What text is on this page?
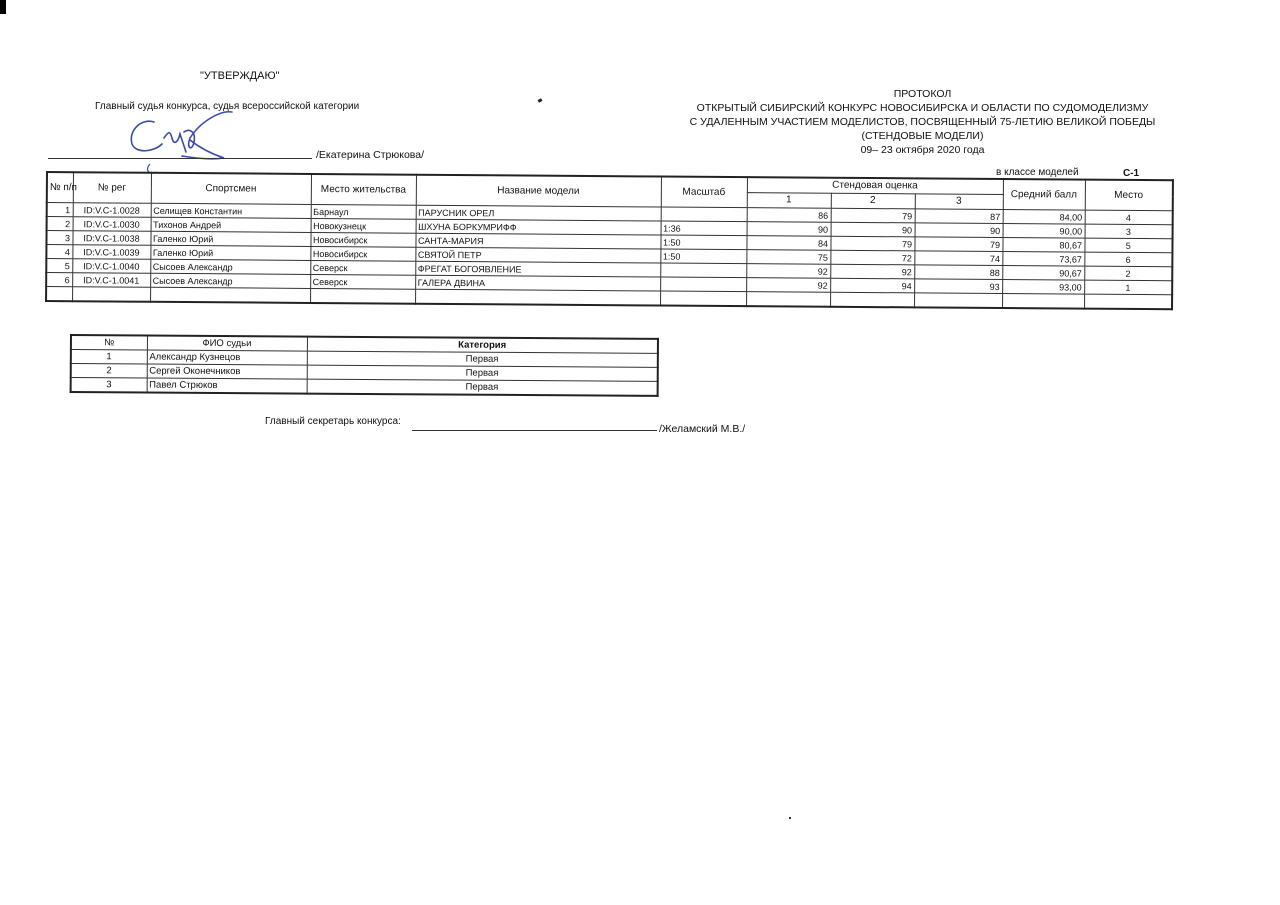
"УТВЕРЖДАЮ"
Главный судья конкурса, судья всероссийской категории
/Екатерина Стрюкова/
ПРОТОКОЛ
ОТКРЫТЫЙ СИБИРСКИЙ КОНКУРС НОВОСИБИРСКА И ОБЛАСТИ ПО СУДОМОДЕЛИЗМУ
С УДАЛЕННЫМ УЧАСТИЕМ МОДЕЛИСТОВ, ПОСВЯЩЕННЫЙ 75-ЛЕТИЮ ВЕЛИКОЙ ПОБЕДЫ
(СТЕНДОВЫЕ МОДЕЛИ)
09– 23 октября 2020 года
в классе моделей	С-1
№ п/п	№ рег	Спортсмен	Место жительства	Название модели	Масштаб	Стендовая оценка			Средний балл	Место
						1	2	3		
1	ID:V.C-1.0028	Селищев Константин	Барнаул	ПАРУСНИК ОРЕЛ		86	79	87	84,00	4
2	ID:V.C-1.0030	Тихонов Андрей	Новокузнецк	ШХУНА БОРКУМРИФФ	1:36	90	90	90	90,00	3
3	ID:V.C-1.0038	Галенко Юрий	Новосибирск	САНТА-МАРИЯ	1:50	84	79	79	80,67	5
4	ID:V.C-1.0039	Галенко Юрий	Новосибирск	СВЯТОЙ ПЕТР	1:50	75	72	74	73,67	6
5	ID:V.C-1.0040	Сысоев Александр	Северск	ФРЕГАТ БОГОЯВЛЕНИЕ		92	92	88	90,67	2
6	ID:V.C-1.0041	Сысоев Александр	Северск	ГАЛЕРА ДВИНА		92	94	93	93,00	1

№	ФИО судьи	Категория
1	Александр Кузнецов	Первая
2	Сергей Оконечников	Первая
3	Павел Стрюков	Первая
Главный секретарь конкурса:
/Желамский М.В./
